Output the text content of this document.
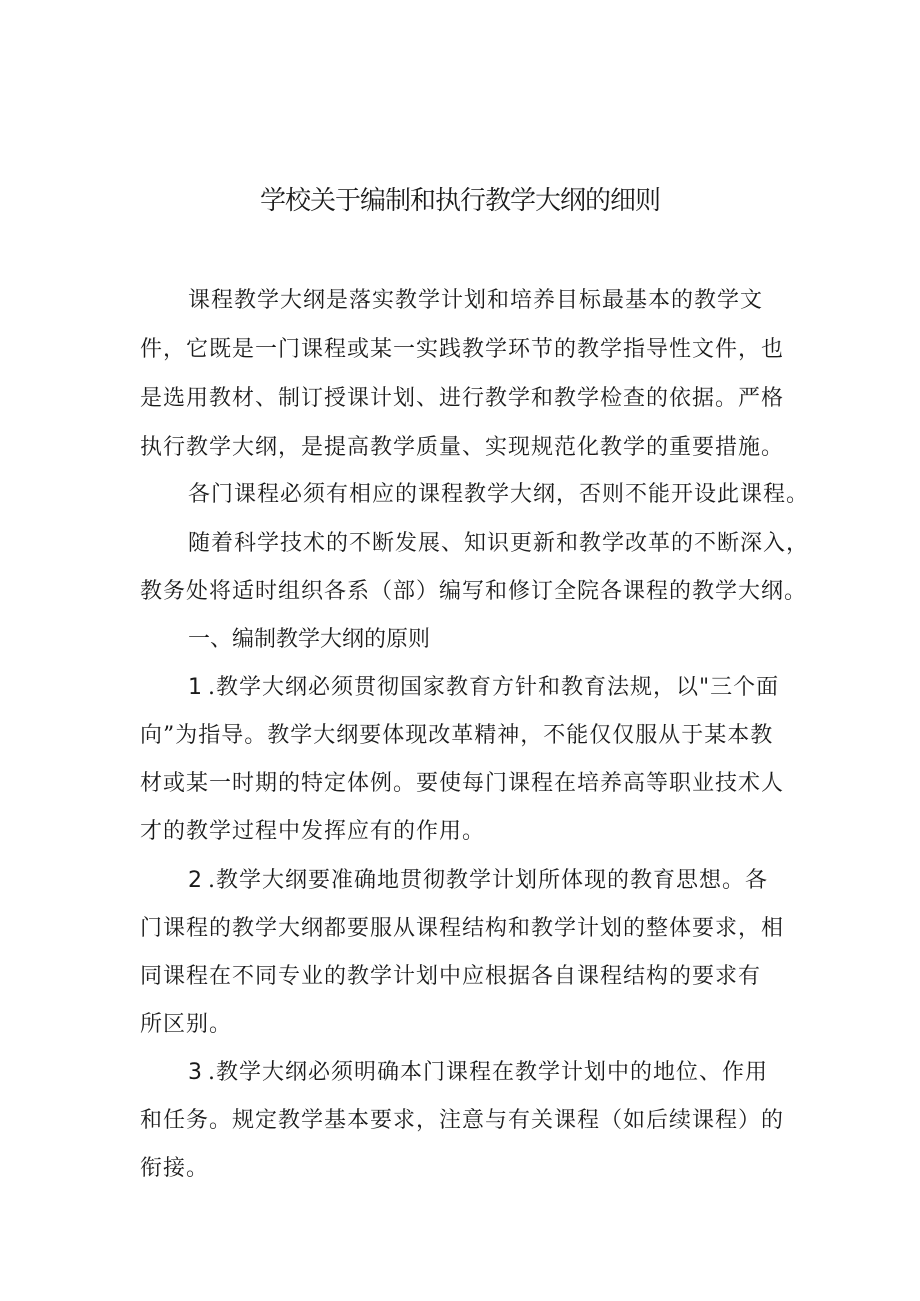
学校关于编制和执行教学大纲的细则
课程教学大纲是落实教学计划和培养目标最基本的教学文
件，它既是一门课程或某一实践教学环节的教学指导性文件，也
是选用教材、制订授课计划、进行教学和教学检查的依据。严格
执行教学大纲，是提高教学质量、实现规范化教学的重要措施。
各门课程必须有相应的课程教学大纲，否则不能开设此课程。
随着科学技术的不断发展、知识更新和教学改革的不断深入，
教务处将适时组织各系（部）编写和修订全院各课程的教学大纲。
一、编制教学大纲的原则
1 .教学大纲必须贯彻国家教育方针和教育法规，以"三个面
向”为指导。教学大纲要体现改革精神，不能仅仅服从于某本教
材或某一时期的特定体例。要使每门课程在培养高等职业技术人
才的教学过程中发挥应有的作用。
2 .教学大纲要准确地贯彻教学计划所体现的教育思想。各
门课程的教学大纲都要服从课程结构和教学计划的整体要求，相
同课程在不同专业的教学计划中应根据各自课程结构的要求有
所区别。
3 .教学大纲必须明确本门课程在教学计划中的地位、作用
和任务。规定教学基本要求，注意与有关课程（如后续课程）的
衔接。
